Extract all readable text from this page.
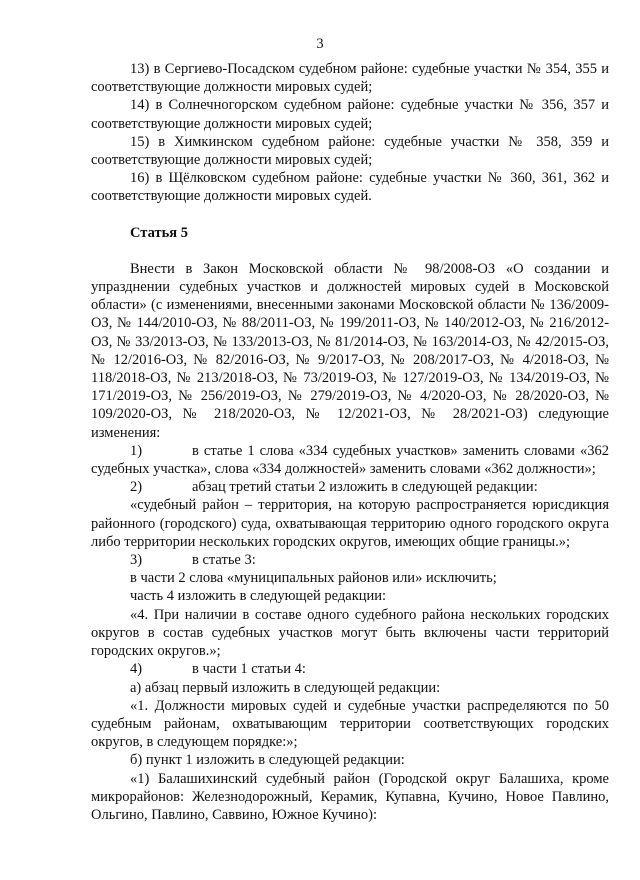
3

13) в Сергиево-Посадском судебном районе: судебные участки № 354, 355 и соответствующие должности мировых судей;

14) в Солнечногорском судебном районе: судебные участки № 356, 357 и соответствующие должности мировых судей;

15) в Химкинском судебном районе: судебные участки № 358, 359 и соответствующие должности мировых судей;

16) в Щёлковском судебном районе: судебные участки № 360, 361, 362 и соответствующие должности мировых судей.

Статья 5

Внести в Закон Московской области № 98/2008-ОЗ «О создании и упразднении судебных участков и должностей мировых судей в Московской области» (с изменениями, внесенными законами Московской области № 136/2009-ОЗ, № 144/2010-ОЗ, № 88/2011-ОЗ, № 199/2011-ОЗ, № 140/2012-ОЗ, № 216/2012-ОЗ, № 33/2013-ОЗ, № 133/2013-ОЗ, № 81/2014-ОЗ, № 163/2014-ОЗ, № 42/2015-ОЗ, № 12/2016-ОЗ, № 82/2016-ОЗ, № 9/2017-ОЗ, № 208/2017-ОЗ, № 4/2018-ОЗ, № 118/2018-ОЗ, № 213/2018-ОЗ, № 73/2019-ОЗ, № 127/2019-ОЗ, № 134/2019-ОЗ, № 171/2019-ОЗ, № 256/2019-ОЗ, № 279/2019-ОЗ, № 4/2020-ОЗ, № 28/2020-ОЗ, № 109/2020-ОЗ, № 218/2020-ОЗ, № 12/2021-ОЗ, № 28/2021-ОЗ) следующие изменения:

1)	в статье 1 слова «334 судебных участков» заменить словами «362 судебных участка», слова «334 должностей» заменить словами «362 должности»;

2)	абзац третий статьи 2 изложить в следующей редакции:

«судебный район – территория, на которую распространяется юрисдикция районного (городского) суда, охватывающая территорию одного городского округа либо территории нескольких городских округов, имеющих общие границы.»;

3)	в статье 3:

в части 2 слова «муниципальных районов или» исключить;

часть 4 изложить в следующей редакции:

«4. При наличии в составе одного судебного района нескольких городских округов в состав судебных участков могут быть включены части территорий городских округов.»;

4)	в части 1 статьи 4:

а) абзац первый изложить в следующей редакции:

«1. Должности мировых судей и судебные участки распределяются по 50 судебным районам, охватывающим территории соответствующих городских округов, в следующем порядке:»;

б) пункт 1 изложить в следующей редакции:

«1) Балашихинский судебный район (Городской округ Балашиха, кроме микрорайонов: Железнодорожный, Керамик, Купавна, Кучино, Новое Павлино, Ольгино, Павлино, Саввино, Южное Кучино):
